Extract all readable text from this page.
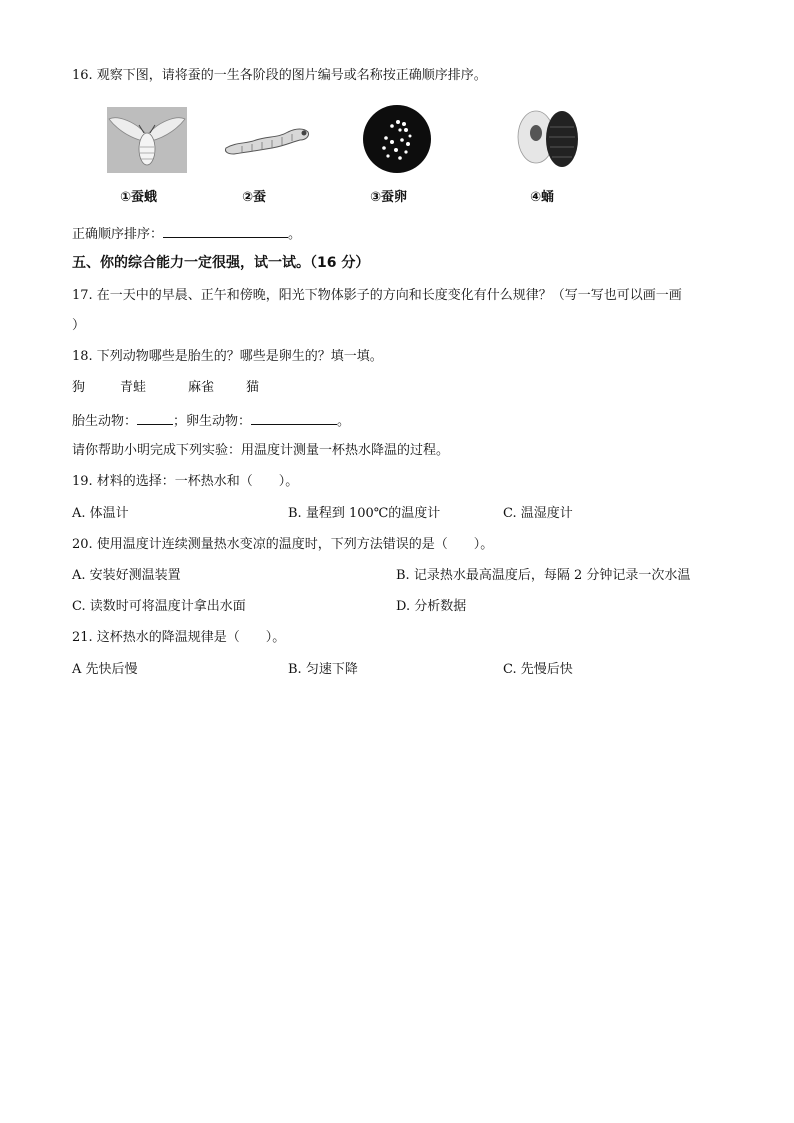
16. 观察下图，请将蚕的一生各阶段的图片编号或名称按正确顺序排序。
①蚕蛾	②蚕	③蚕卵	④蛹
正确顺序排序：	。
五、你的综合能力一定很强，试一试。（16 分）
17. 在一天中的早晨、正午和傍晚，阳光下物体影子的方向和长度变化有什么规律？（写一写也可以画一画
）
18. 下列动物哪些是胎生的？哪些是卵生的？填一填。
狗	青蛙	麻雀 猫
胎生动物：	；卵生动物：	。
请你帮助小明完成下列实验：用温度计测量一杯热水降温的过程。
19. 材料的选择：一杯热水和（　　）。
A. 体温计	B. 量程到 100℃的温度计	C. 温湿度计
20. 使用温度计连续测量热水变凉的温度时，下列方法错误的是（　　）。
A. 安装好测温装置	B. 记录热水最高温度后，每隔 2 分钟记录一次水温
C. 读数时可将温度计拿出水面	D. 分析数据
21. 这杯热水的降温规律是（　　）。
A 先快后慢	B. 匀速下降	C. 先慢后快
